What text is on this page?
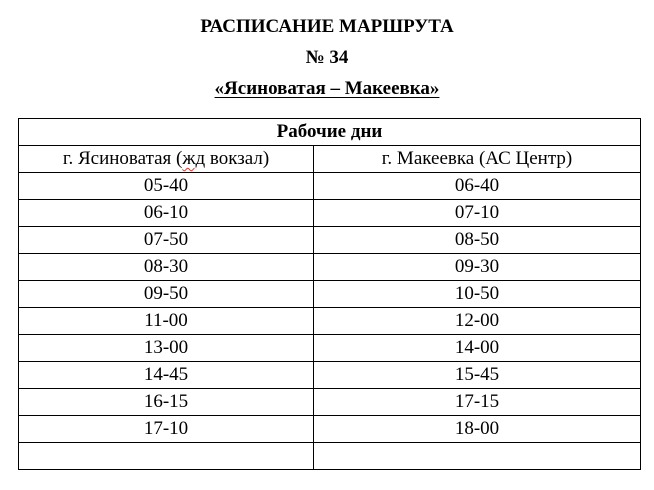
РАСПИСАНИЕ МАРШРУТА
№ 34
«Ясиноватая – Макеевка»
Рабочие дни	
г. Ясиноватая (жд вокзал)	г. Макеевка (АС Центр)
05-40	06-40
06-10	07-10
07-50	08-50
08-30	09-30
09-50	10-50
11-00	12-00
13-00	14-00
14-45	15-45
16-15	17-15
17-10	18-00
